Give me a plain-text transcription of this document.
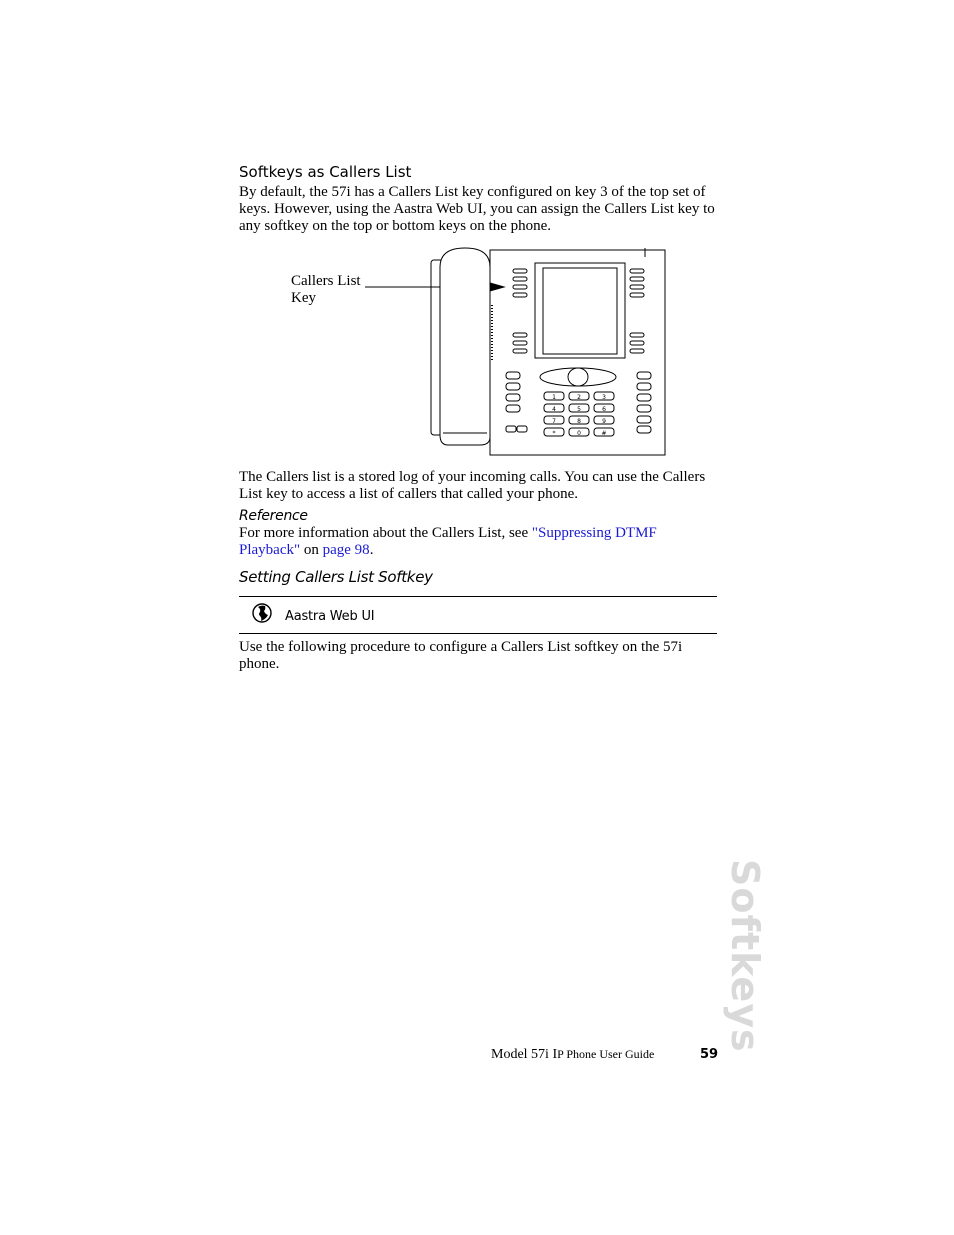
Softkeys as Callers List
By default, the 57i has a Callers List key configured on key 3 of the top set of keys. However, using the Aastra Web UI, you can assign the Callers List key to any softkey on the top or bottom keys on the phone.
Callers List
Key
1	2	3
4	5	6
7	8	9
*	0	#
The Callers list is a stored log of your incoming calls. You can use the Callers List key to access a list of callers that called your phone.
Reference
For more information about the Callers List, see "Suppressing DTMF Playback" on page 98.
Setting Callers List Softkey
Aastra Web UI
Use the following procedure to configure a Callers List softkey on the 57i phone.
Softkeys
Model 57i IP Phone User Guide	59
